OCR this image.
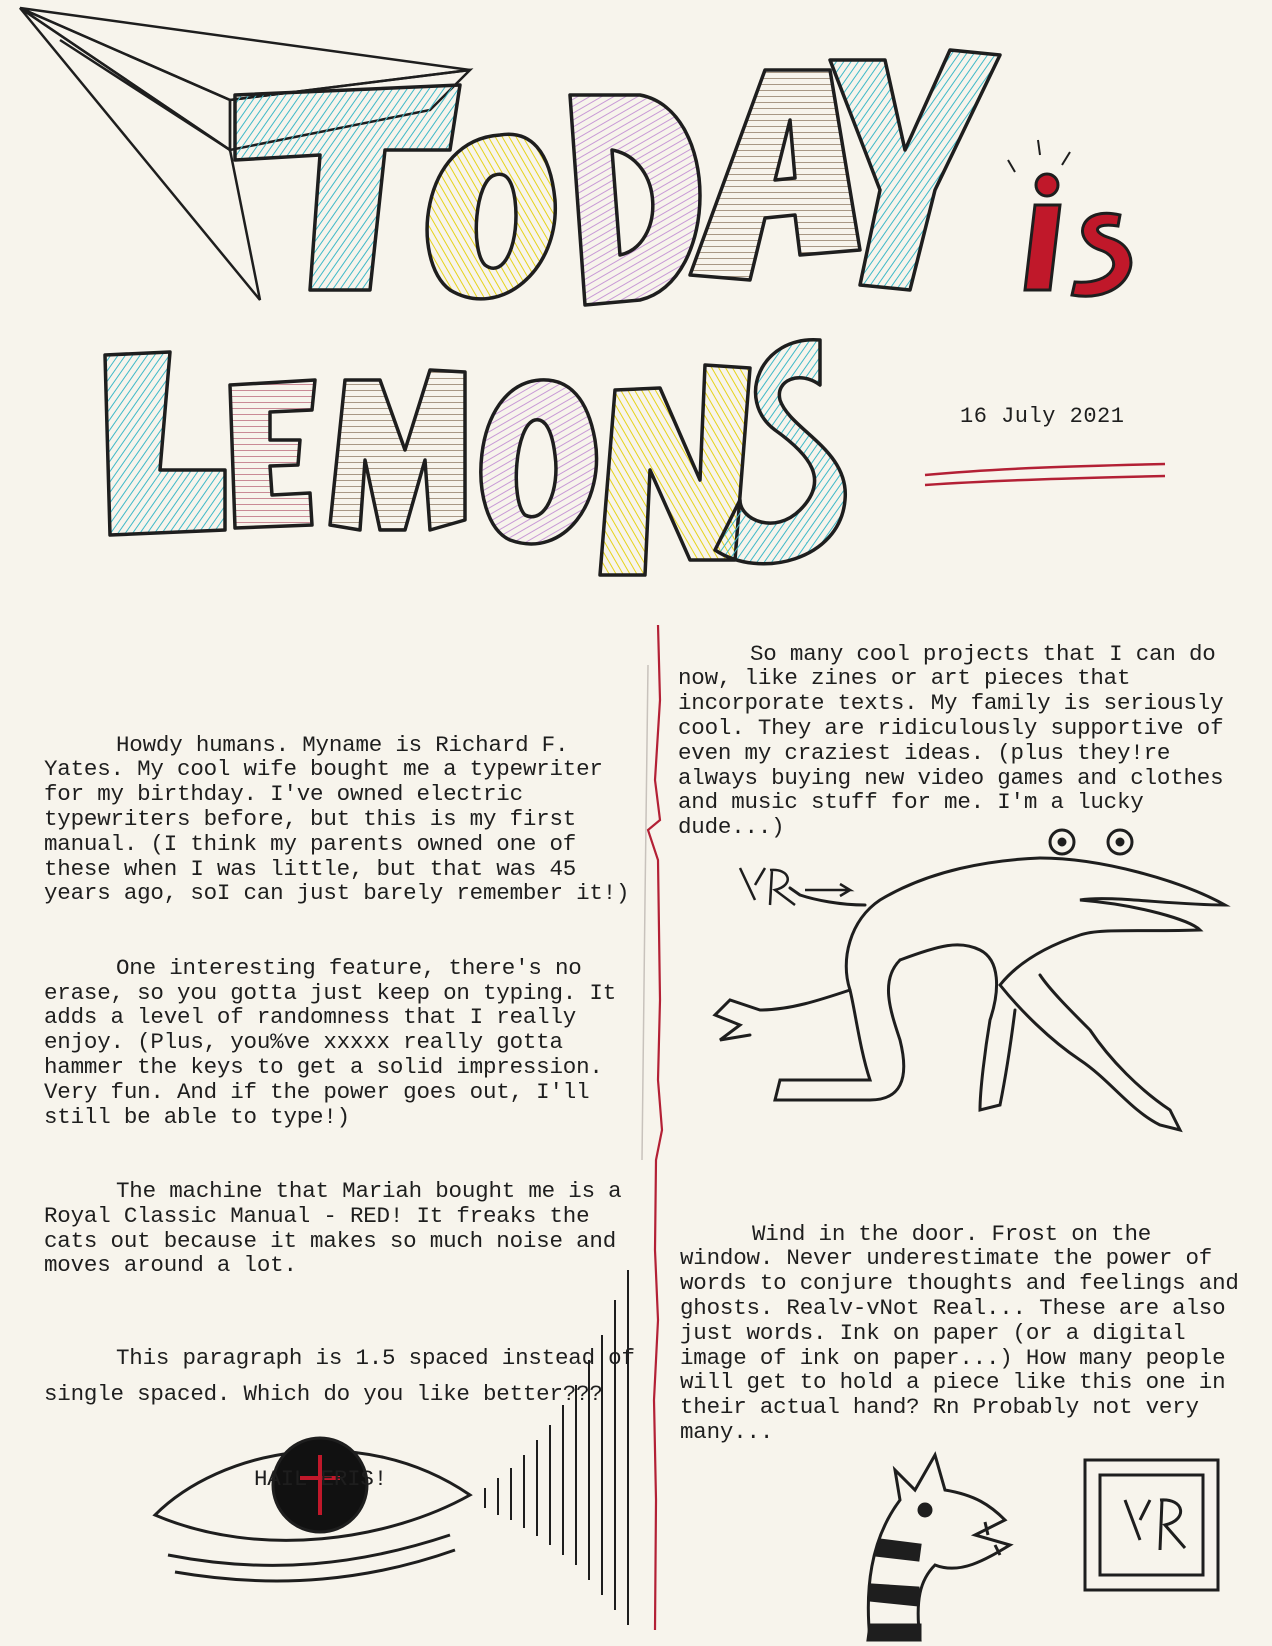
16 July 2021

Howdy humans. Myname is Richard F. Yates. My cool wife bought me a typewriter for my birthday. I've owned electric typewriters before, but this is my first manual. (I think my parents owned one of these when I was little, but that was 45 years ago, soI can just barely remember it!)

One interesting feature, there's no erase, so you gotta just keep on typing. It adds a level of randomness that I really enjoy. (Plus, you%ve xxxxx really gotta hammer the keys to get a solid impression. Very fun. And if the power goes out, I'll still be able to type!)

The machine that Mariah bought me is a Royal Classic Manual - RED! It freaks the cats out because it makes so much noise and moves around a lot.

This paragraph is 1.5 spaced instead of single spaced. Which do you like better???

HAIL ERIS!

So many cool projects that I can do now, like zines or art pieces that incorporate texts. My family is seriously cool. They are ridiculously supportive of even my craziest ideas. (plus they!re always buying new video games and clothes and music stuff for me. I'm a lucky dude...)

Wind in the door. Frost on the window. Never underestimate the power of words to conjure thoughts and feelings and ghosts. Realv-vNot Real... These are also just words. Ink on paper (or a digital image of ink on paper...) How many people will get to hold a piece like this one in their actual hand? Rn Probably not very many...
